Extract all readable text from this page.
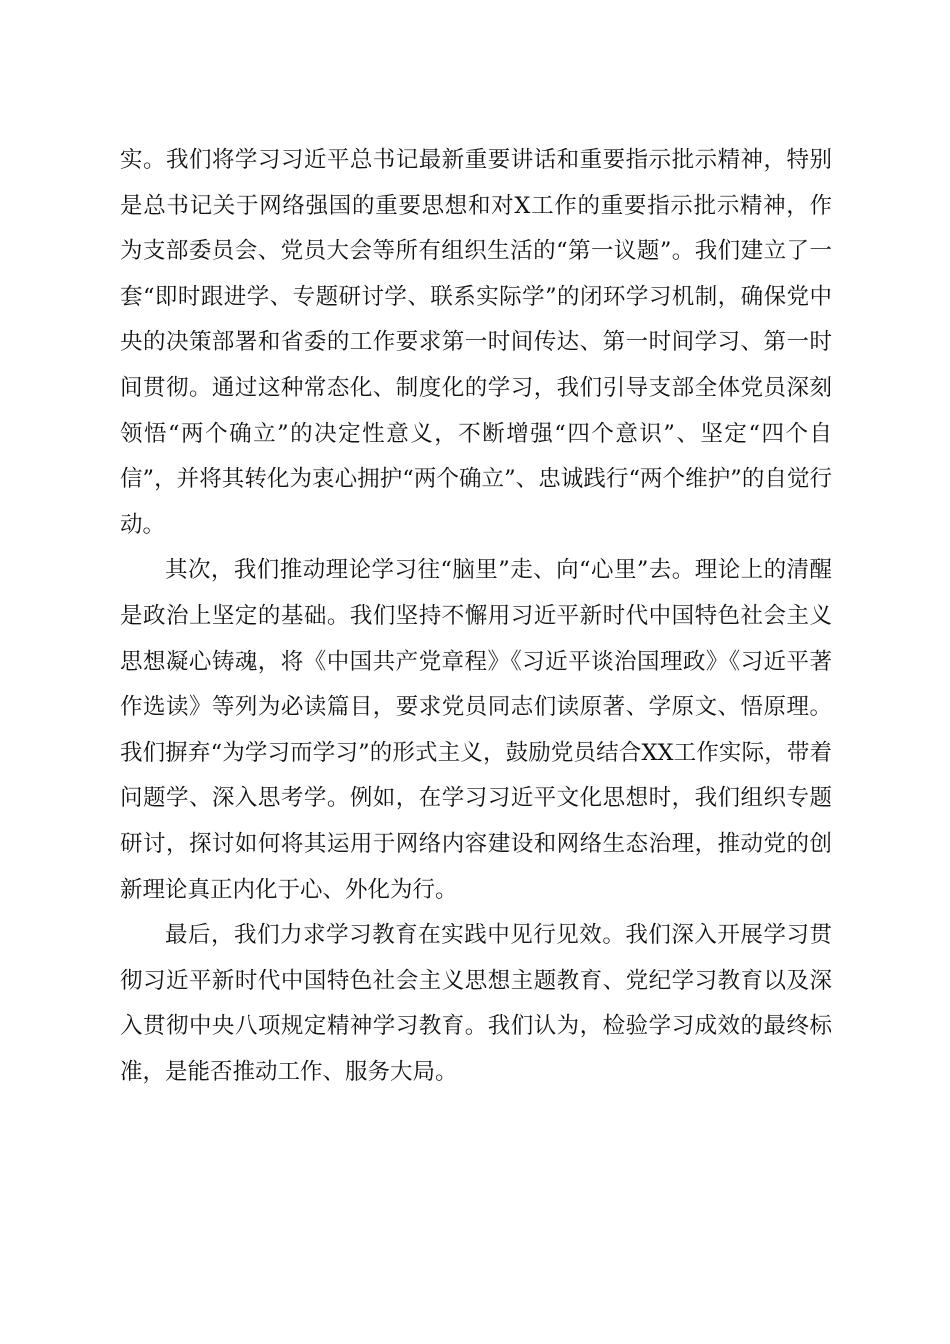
实。我们将学习习近平总书记最新重要讲话和重要指示批示精神，特别是总书记关于网络强国的重要思想和对X工作的重要指示批示精神，作为支部委员会、党员大会等所有组织生活的“第一议题”。我们建立了一套“即时跟进学、专题研讨学、联系实际学”的闭环学习机制，确保党中央的决策部署和省委的工作要求第一时间传达、第一时间学习、第一时间贯彻。通过这种常态化、制度化的学习，我们引导支部全体党员深刻领悟“两个确立”的决定性意义，不断增强“四个意识”、坚定“四个自信”，并将其转化为衷心拥护“两个确立”、忠诚践行“两个维护”的自觉行动。

其次，我们推动理论学习往“脑里”走、向“心里”去。理论上的清醒是政治上坚定的基础。我们坚持不懈用习近平新时代中国特色社会主义思想凝心铸魂，将《中国共产党章程》《习近平谈治国理政》《习近平著作选读》等列为必读篇目，要求党员同志们读原著、学原文、悟原理。我们摒弃“为学习而学习”的形式主义，鼓励党员结合XX工作实际，带着问题学、深入思考学。例如，在学习习近平文化思想时，我们组织专题研讨，探讨如何将其运用于网络内容建设和网络生态治理，推动党的创新理论真正内化于心、外化为行。

最后，我们力求学习教育在实践中见行见效。我们深入开展学习贯彻习近平新时代中国特色社会主义思想主题教育、党纪学习教育以及深入贯彻中央八项规定精神学习教育。我们认为，检验学习成效的最终标准，是能否推动工作、服务大局。
